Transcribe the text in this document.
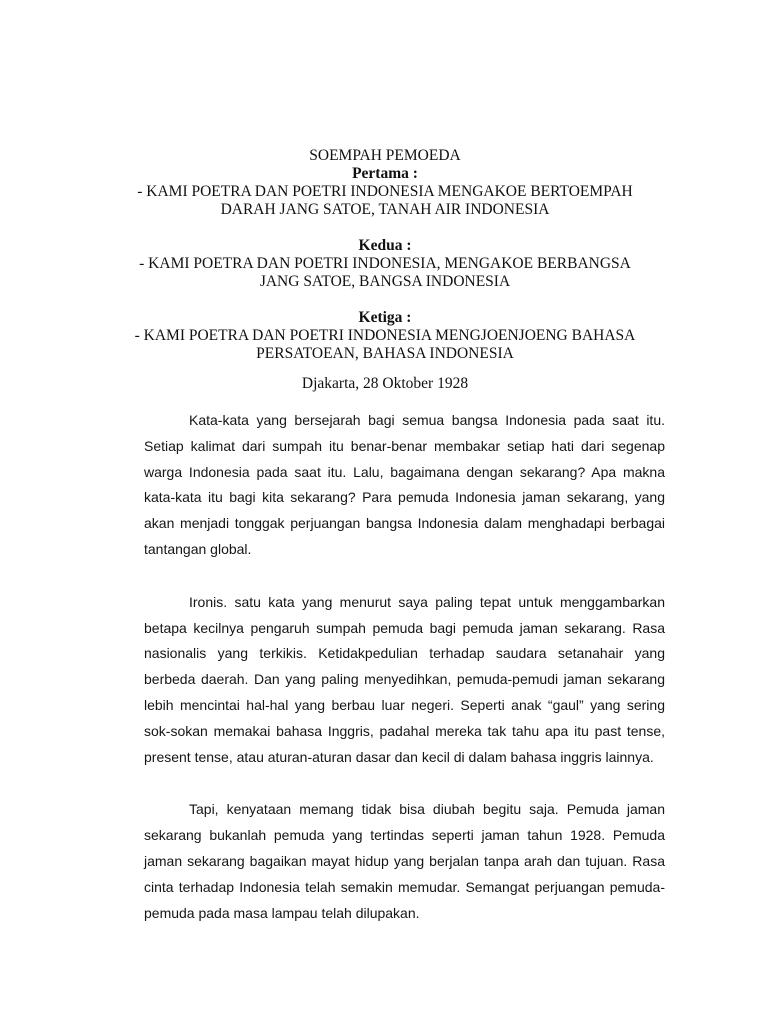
SOEMPAH PEMOEDA
Pertama :
- KAMI POETRA DAN POETRI INDONESIA MENGAKOE BERTOEMPAH
DARAH JANG SATOE, TANAH AIR INDONESIA
Kedua :
- KAMI POETRA DAN POETRI INDONESIA, MENGAKOE BERBANGSA
JANG SATOE, BANGSA INDONESIA
Ketiga :
- KAMI POETRA DAN POETRI INDONESIA MENGJOENJOENG BAHASA
PERSATOEAN, BAHASA INDONESIA
Djakarta, 28 Oktober 1928

Kata-kata yang bersejarah bagi semua bangsa Indonesia pada saat itu. Setiap kalimat dari sumpah itu benar-benar membakar setiap hati dari segenap warga Indonesia pada saat itu. Lalu, bagaimana dengan sekarang? Apa makna kata-kata itu bagi kita sekarang? Para pemuda Indonesia jaman sekarang, yang akan menjadi tonggak perjuangan bangsa Indonesia dalam menghadapi berbagai tantangan global.

Ironis. satu kata yang menurut saya paling tepat untuk menggambarkan betapa kecilnya pengaruh sumpah pemuda bagi pemuda jaman sekarang. Rasa nasionalis yang terkikis. Ketidakpedulian terhadap saudara setanahair yang berbeda daerah. Dan yang paling menyedihkan, pemuda-pemudi jaman sekarang lebih mencintai hal-hal yang berbau luar negeri. Seperti anak “gaul” yang sering sok-sokan memakai bahasa Inggris, padahal mereka tak tahu apa itu past tense, present tense, atau aturan-aturan dasar dan kecil di dalam bahasa inggris lainnya.

Tapi, kenyataan memang tidak bisa diubah begitu saja. Pemuda jaman sekarang bukanlah pemuda yang tertindas seperti jaman tahun 1928. Pemuda jaman sekarang bagaikan mayat hidup yang berjalan tanpa arah dan tujuan. Rasa cinta terhadap Indonesia telah semakin memudar. Semangat perjuangan pemuda-pemuda pada masa lampau telah dilupakan.
